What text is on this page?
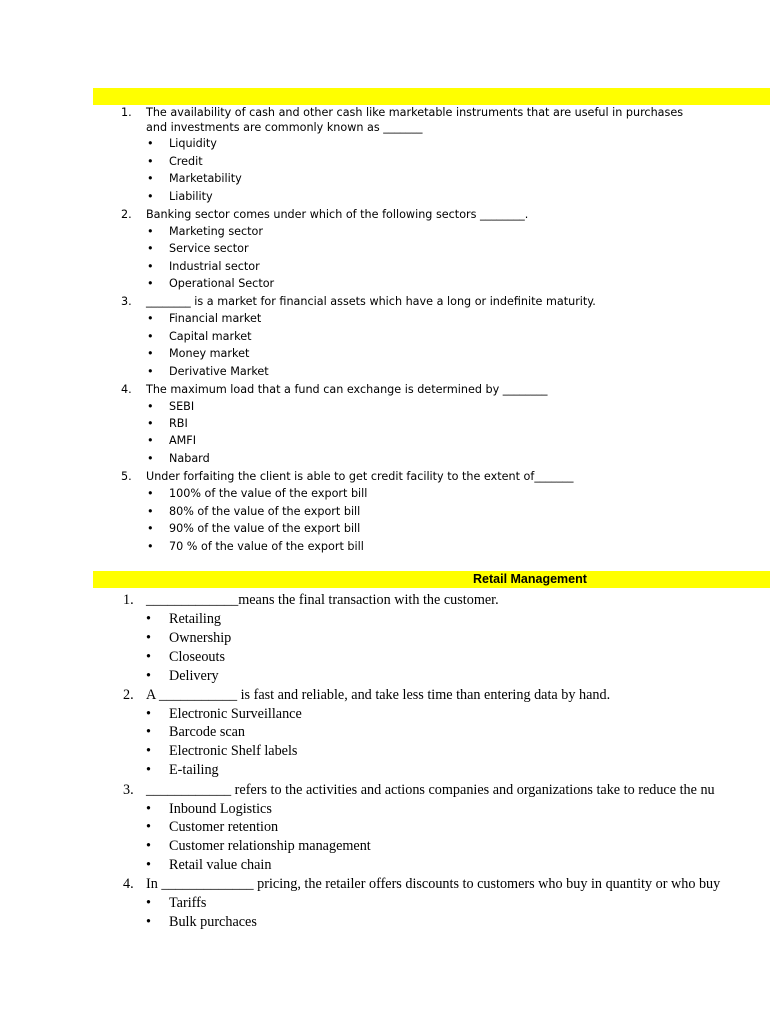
Retail Management
1. The availability of cash and other cash like marketable instruments that are useful in purchases
and investments are commonly known as _______
• Liquidity
• Credit
• Marketability
• Liability
2. Banking sector comes under which of the following sectors ________.
• Marketing sector
• Service sector
• Industrial sector
• Operational Sector
3. ________ is a market for financial assets which have a long or indefinite maturity.
• Financial market
• Capital market
• Money market
• Derivative Market
4. The maximum load that a fund can exchange is determined by ________
• SEBI
• RBI
• AMFI
• Nabard
5. Under forfaiting the client is able to get credit facility to the extent of_______
• 100% of the value of the export bill
• 80% of the value of the export bill
• 90% of the value of the export bill
• 70 % of the value of the export bill
1. _____________means the final transaction with the customer.
• Retailing
• Ownership
• Closeouts
• Delivery
2. A ___________ is fast and reliable, and take less time than entering data by hand.
• Electronic Surveillance
• Barcode scan
• Electronic Shelf labels
• E-tailing
3. ____________ refers to the activities and actions companies and organizations take to reduce the nu
• Inbound Logistics
• Customer retention
• Customer relationship management
• Retail value chain
4. In _____________ pricing, the retailer offers discounts to customers who buy in quantity or who buy
• Tariffs
• Bulk purchaces
